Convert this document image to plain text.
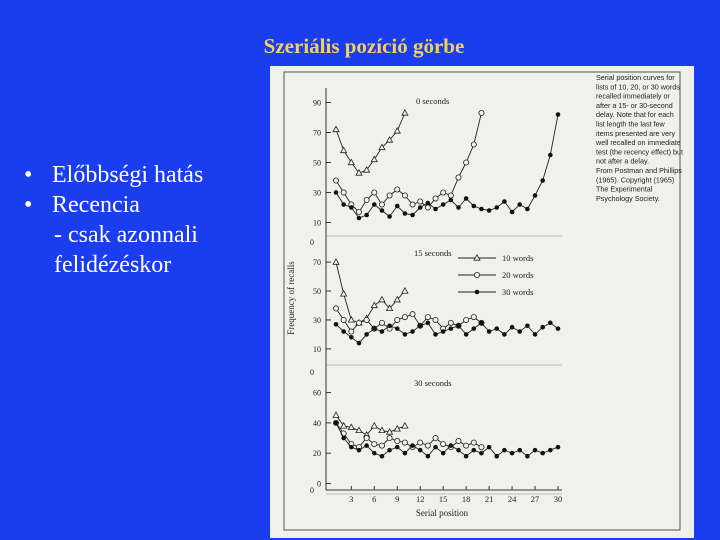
Szeriális pozíció görbe
• Előbbségi hatás
• Recencia
- csak azonnali
felidézéskor
Serial position curves for
lists of 10, 20, or 30 words
recalled immediately or
after a 15- or 30-second
delay. Note that for each
list length the last few
items presented are very
well recalled on immediate
test (the recency effect) but
not after a delay.
From Postman and Phillips
(1965). Copyright (1965)
The Experimental
Psychology Society.
0
0
10
30
50
70
90	0 seconds
10
30
50
70
15 seconds
0
20
40
60
30 seconds
10 words
20 words
30 words
0
3 6 9 12 15 18 21 24 27 30
Serial position
Frequency of recalls
